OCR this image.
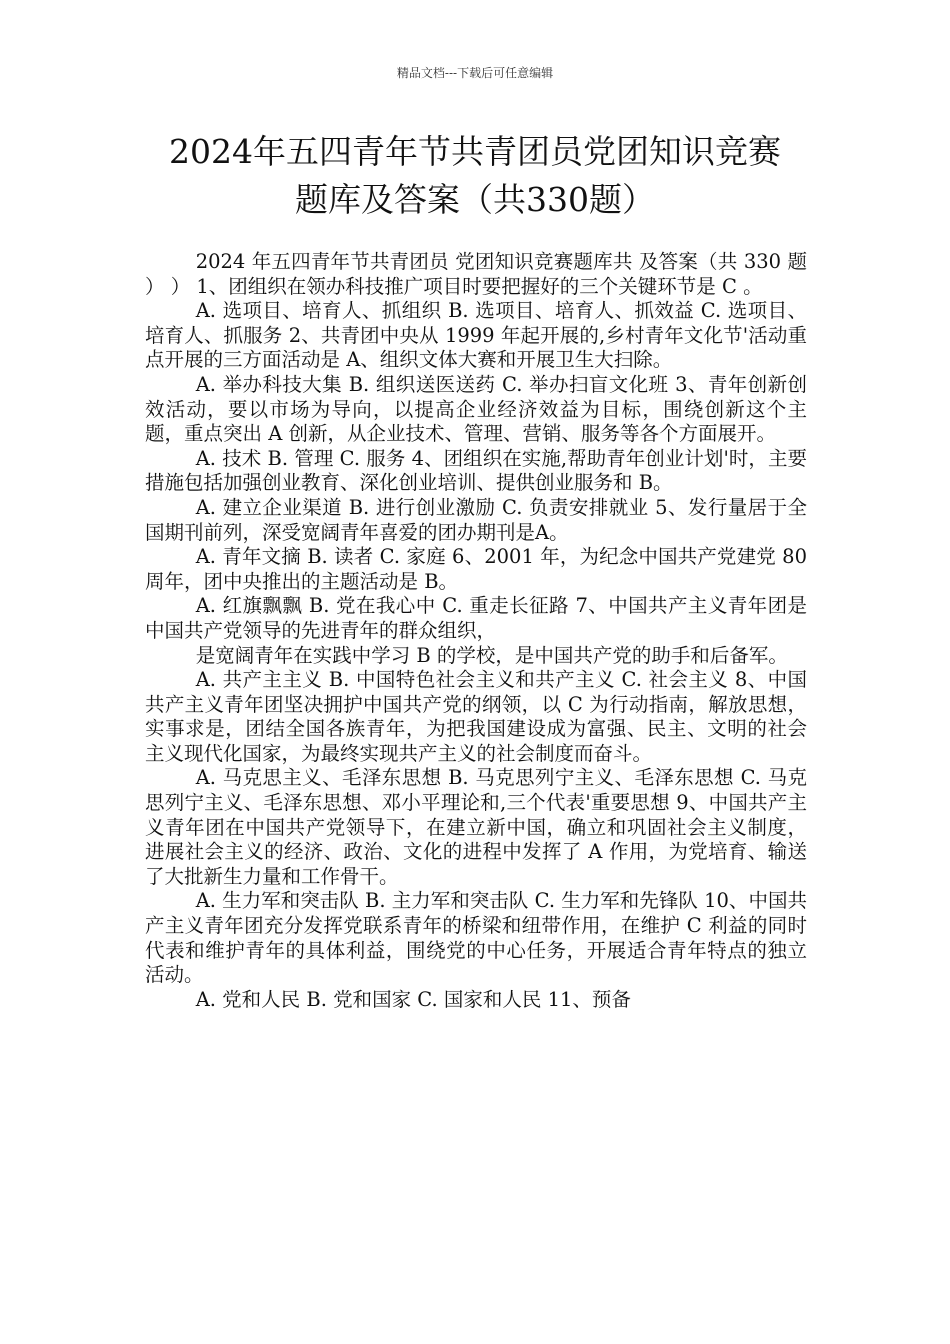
精品文档---下载后可任意编辑
2024年五四青年节共青团员党团知识竞赛
题库及答案（共330题）

2024 年五四青年节共青团员 党团知识竞赛题库共 及答案（共 330 题 ） ） 1、团组织在领办科技推广项目时要把握好的三个关键环节是 C 。

A. 选项目、培育人、抓组织 B. 选项目、培育人、抓效益 C. 选项目、培育人、抓服务 2、共青团中央从 1999 年起开展的,乡村青年文化节'活动重点开展的三方面活动是 A、组织文体大赛和开展卫生大扫除。

A. 举办科技大集 B. 组织送医送药 C. 举办扫盲文化班 3、青年创新创效活动，要以市场为导向，以提高企业经济效益为目标，围绕创新这个主题，重点突出 A 创新，从企业技术、管理、营销、服务等各个方面展开。

A. 技术 B. 管理 C. 服务 4、团组织在实施,帮助青年创业计划'时，主要措施包括加强创业教育、深化创业培训、提供创业服务和 B。

A. 建立企业渠道 B. 进行创业激励 C. 负责安排就业 5、发行量居于全国期刊前列，深受宽阔青年喜爱的团办期刊是A。

A. 青年文摘 B. 读者 C. 家庭 6、2001 年，为纪念中国共产党建党 80 周年，团中央推出的主题活动是 B。

A. 红旗飘飘 B. 党在我心中 C. 重走长征路 7、中国共产主义青年团是中国共产党领导的先进青年的群众组织，

是宽阔青年在实践中学习 B 的学校，是中国共产党的助手和后备军。

A. 共产主主义 B. 中国特色社会主义和共产主义 C. 社会主义 8、中国共产主义青年团坚决拥护中国共产党的纲领，以 C 为行动指南，解放思想，实事求是，团结全国各族青年，为把我国建设成为富强、民主、文明的社会主义现代化国家，为最终实现共产主义的社会制度而奋斗。

A. 马克思主义、毛泽东思想 B. 马克思列宁主义、毛泽东思想 C. 马克思列宁主义、毛泽东思想、邓小平理论和,三个代表'重要思想 9、中国共产主义青年团在中国共产党领导下，在建立新中国，确立和巩固社会主义制度，进展社会主义的经济、政治、文化的进程中发挥了 A 作用，为党培育、输送了大批新生力量和工作骨干。

A. 生力军和突击队 B. 主力军和突击队 C. 生力军和先锋队 10、中国共产主义青年团充分发挥党联系青年的桥梁和纽带作用，在维护 C 利益的同时代表和维护青年的具体利益，围绕党的中心任务，开展适合青年特点的独立活动。

A. 党和人民 B. 党和国家 C. 国家和人民 11、预备
